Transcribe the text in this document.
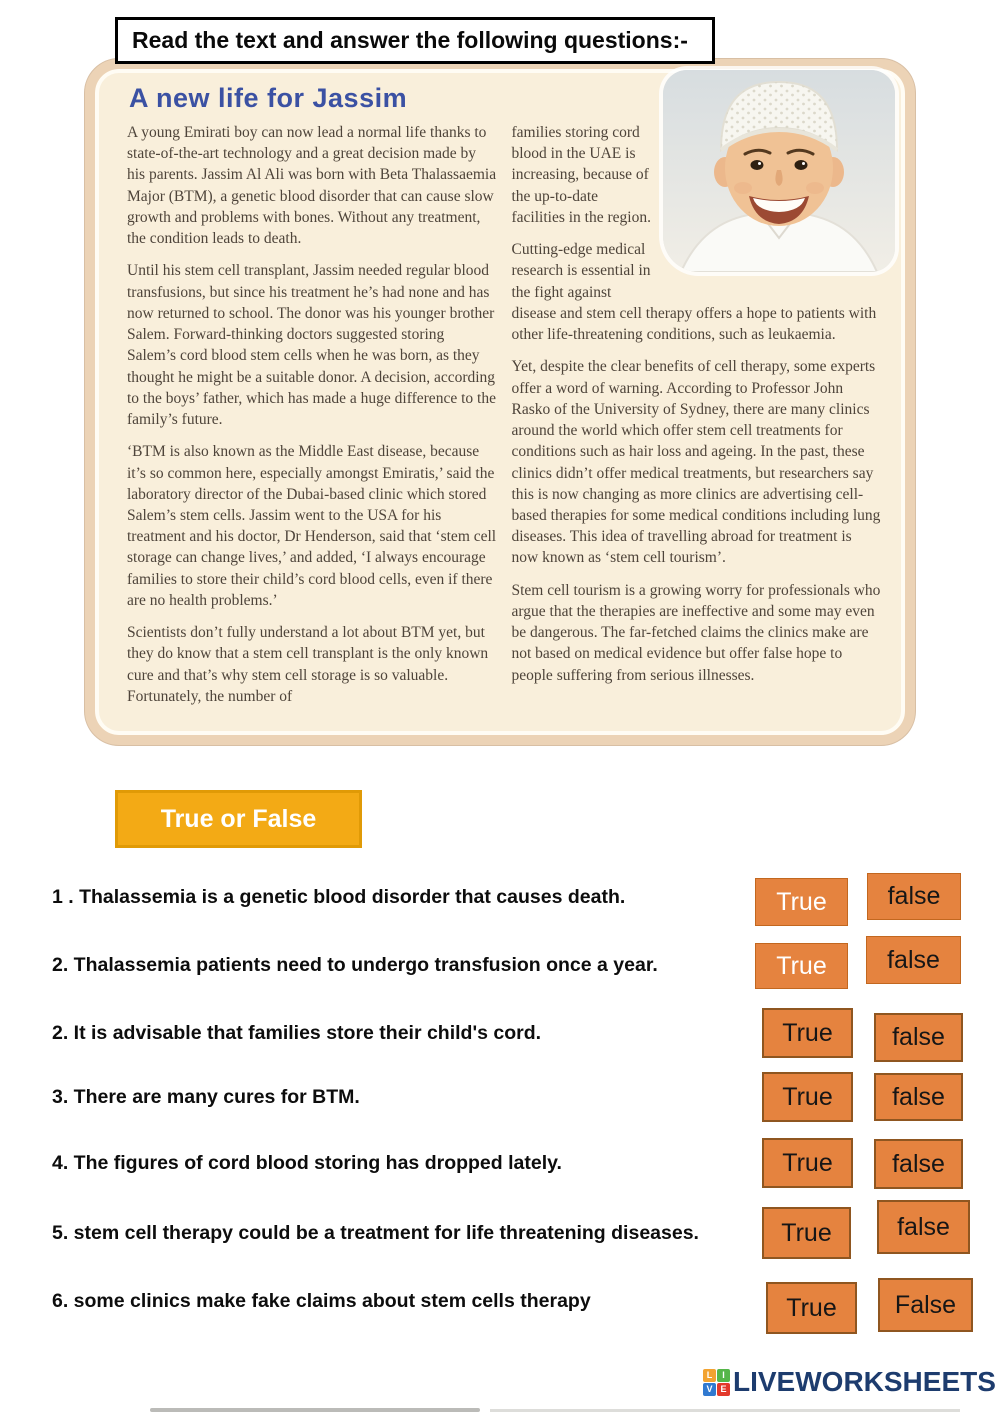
Read the text and answer the following questions:-
A new life for Jassim

A young Emirati boy can now lead a normal life thanks to state-of-the-art technology and a great decision made by his parents. Jassim Al Ali was born with Beta Thalassaemia Major (BTM), a genetic blood disorder that can cause slow growth and problems with bones. Without any treatment, the condition leads to death.

Until his stem cell transplant, Jassim needed regular blood transfusions, but since his treatment he’s had none and has now returned to school. The donor was his younger brother Salem. Forward-thinking doctors suggested storing Salem’s cord blood stem cells when he was born, as they thought he might be a suitable donor. A decision, according to the boys’ father, which has made a huge difference to the family’s future.

‘BTM is also known as the Middle East disease, because it’s so common here, especially amongst Emiratis,’ said the laboratory director of the Dubai-based clinic which stored Salem’s stem cells. Jassim went to the USA for his treatment and his doctor, Dr Henderson, said that ‘stem cell storage can change lives,’ and added, ‘I always encourage families to store their child’s cord blood cells, even if there are no health problems.’

Scientists don’t fully understand a lot about BTM yet, but they do know that a stem cell transplant is the only known cure and that’s why stem cell storage is so valuable. Fortunately, the number of

families storing cord blood in the UAE is increasing, because of the up-to-date facilities in the region.

Cutting-edge medical research is essential in the fight against disease and stem cell therapy offers a hope to patients with other life-threatening conditions, such as leukaemia.

Yet, despite the clear benefits of cell therapy, some experts offer a word of warning. According to Professor John Rasko of the University of Sydney, there are many clinics around the world which offer stem cell treatments for conditions such as hair loss and ageing. In the past, these clinics didn’t offer medical treatments, but researchers say this is now changing as more clinics are advertising cell-based therapies for some medical conditions including lung diseases. This idea of travelling abroad for treatment is now known as ‘stem cell tourism’.

Stem cell tourism is a growing worry for professionals who argue that the therapies are ineffective and some may even be dangerous. The far-fetched claims the clinics make are not based on medical evidence but offer false hope to people suffering from serious illnesses.

True or False
1 . Thalassemia is a genetic blood disorder that causes death.	True	false
2. Thalassemia patients need to undergo transfusion once a year.	True	false
2. It is advisable that families store their child's cord.	True	false
3. There are many cures for BTM.	True	false
4. The figures of cord blood storing has dropped lately.	True	false
5. stem cell therapy could be a treatment for life threatening diseases.	True	false
6. some clinics make fake claims about stem cells therapy	True	False
L	I
V E LIVEWORKSHEETS
